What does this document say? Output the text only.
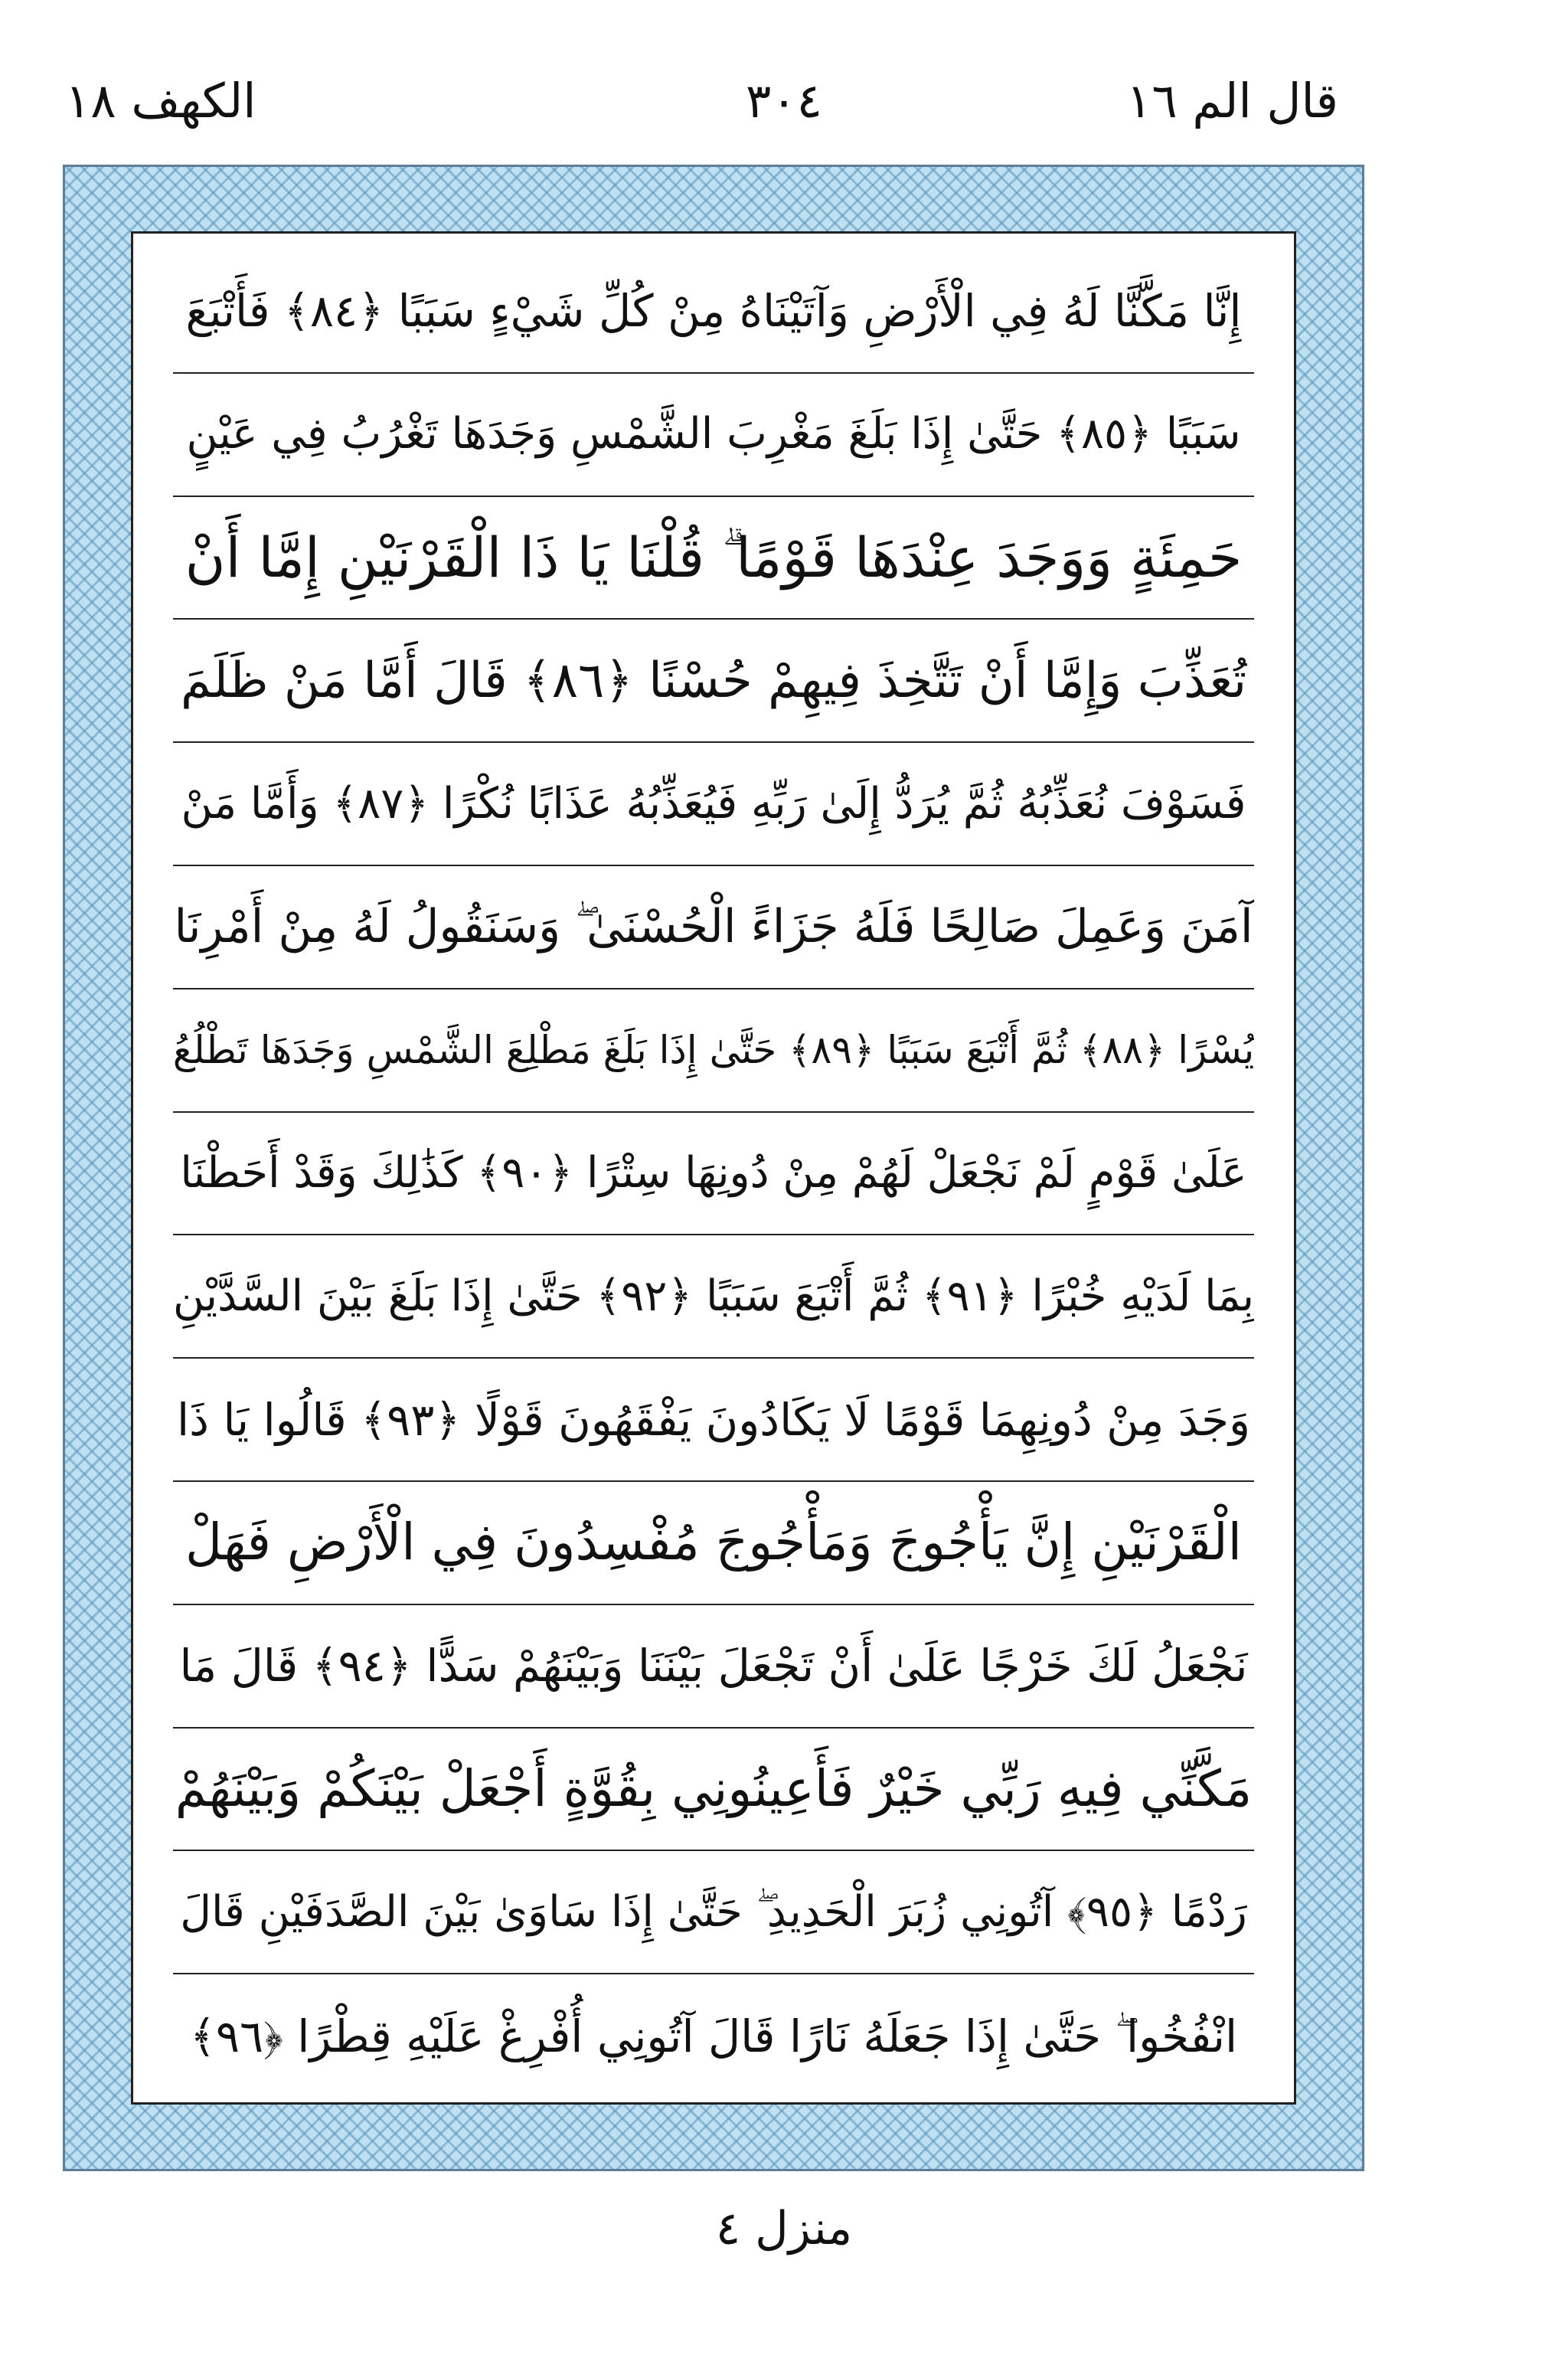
قال الم ١٦
٣٠٤
الكهف ١٨
إِنَّا مَكَّنَّا لَهُ فِي الْأَرْضِ وَآتَيْنَاهُ مِنْ كُلِّ شَيْءٍ سَبَبًا ﴿٨٤﴾ فَأَتْبَعَ
سَبَبًا ﴿٨٥﴾ حَتَّىٰ إِذَا بَلَغَ مَغْرِبَ الشَّمْسِ وَجَدَهَا تَغْرُبُ فِي عَيْنٍ
حَمِئَةٍ وَوَجَدَ عِنْدَهَا قَوْمًا ۗ قُلْنَا يَا ذَا الْقَرْنَيْنِ إِمَّا أَنْ
تُعَذِّبَ وَإِمَّا أَنْ تَتَّخِذَ فِيهِمْ حُسْنًا ﴿٨٦﴾ قَالَ أَمَّا مَنْ ظَلَمَ
فَسَوْفَ نُعَذِّبُهُ ثُمَّ يُرَدُّ إِلَىٰ رَبِّهِ فَيُعَذِّبُهُ عَذَابًا نُكْرًا ﴿٨٧﴾ وَأَمَّا مَنْ
آمَنَ وَعَمِلَ صَالِحًا فَلَهُ جَزَاءً الْحُسْنَىٰ ۖ وَسَنَقُولُ لَهُ مِنْ أَمْرِنَا
يُسْرًا ﴿٨٨﴾ ثُمَّ أَتْبَعَ سَبَبًا ﴿٨٩﴾ حَتَّىٰ إِذَا بَلَغَ مَطْلِعَ الشَّمْسِ وَجَدَهَا تَطْلُعُ
عَلَىٰ قَوْمٍ لَمْ نَجْعَلْ لَهُمْ مِنْ دُونِهَا سِتْرًا ﴿٩٠﴾ كَذَٰلِكَ وَقَدْ أَحَطْنَا
بِمَا لَدَيْهِ خُبْرًا ﴿٩١﴾ ثُمَّ أَتْبَعَ سَبَبًا ﴿٩٢﴾ حَتَّىٰ إِذَا بَلَغَ بَيْنَ السَّدَّيْنِ
وَجَدَ مِنْ دُونِهِمَا قَوْمًا لَا يَكَادُونَ يَفْقَهُونَ قَوْلًا ﴿٩٣﴾ قَالُوا يَا ذَا
الْقَرْنَيْنِ إِنَّ يَأْجُوجَ وَمَأْجُوجَ مُفْسِدُونَ فِي الْأَرْضِ فَهَلْ
نَجْعَلُ لَكَ خَرْجًا عَلَىٰ أَنْ تَجْعَلَ بَيْنَنَا وَبَيْنَهُمْ سَدًّا ﴿٩٤﴾ قَالَ مَا
مَكَّنِّي فِيهِ رَبِّي خَيْرٌ فَأَعِينُونِي بِقُوَّةٍ أَجْعَلْ بَيْنَكُمْ وَبَيْنَهُمْ
رَدْمًا ﴿٩٥﴾ آتُونِي زُبَرَ الْحَدِيدِ ۖ حَتَّىٰ إِذَا سَاوَىٰ بَيْنَ الصَّدَفَيْنِ قَالَ
انْفُخُوا ۖ حَتَّىٰ إِذَا جَعَلَهُ نَارًا قَالَ آتُونِي أُفْرِغْ عَلَيْهِ قِطْرًا ﴿٩٦﴾
منزل ٤
